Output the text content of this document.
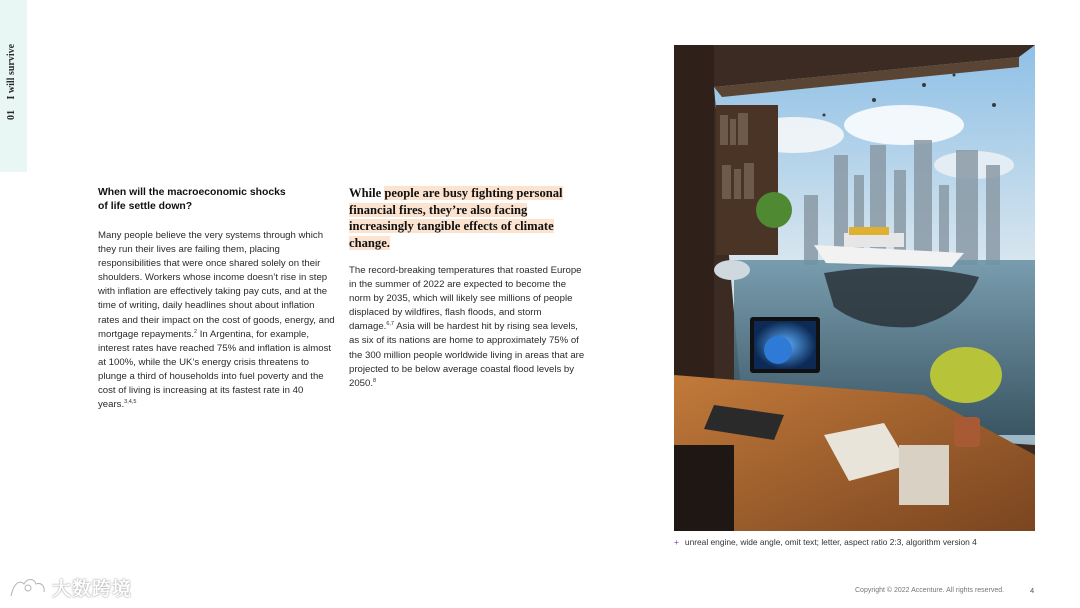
01 I will survive
When will the macroeconomic shocks of life settle down?
Many people believe the very systems through which they run their lives are failing them, placing responsibilities that were once shared solely on their shoulders. Workers whose income doesn’t rise in step with inflation are effectively taking pay cuts, and at the time of writing, daily headlines shout about inflation rates and their impact on the cost of goods, energy, and mortgage repayments.$^2$ In Argentina, for example, interest rates have reached 75% and inflation is almost at 100%, while the UK’s energy crisis threatens to plunge a third of households into fuel poverty and the cost of living is increasing at its fastest rate in 40 years.$^{3,4,5}$
While people are busy fighting personal financial fires, they’re also facing increasingly tangible effects of climate change.
The record-breaking temperatures that roasted Europe in the summer of 2022 are expected to become the norm by 2035, which will likely see millions of people displaced by wildfires, flash floods, and storm damage.$^{6,7}$ Asia will be hardest hit by rising sea levels, as six of its nations are home to approximately 75% of the 300 million people worldwide living in areas that are projected to be below average coastal flood levels by 2050.$^8$
+ unreal engine, wide angle, omit text; letter, aspect ratio 2:3, algorithm version 4
大数跨境	Copyright © 2022 Accenture. All rights reserved.	4
